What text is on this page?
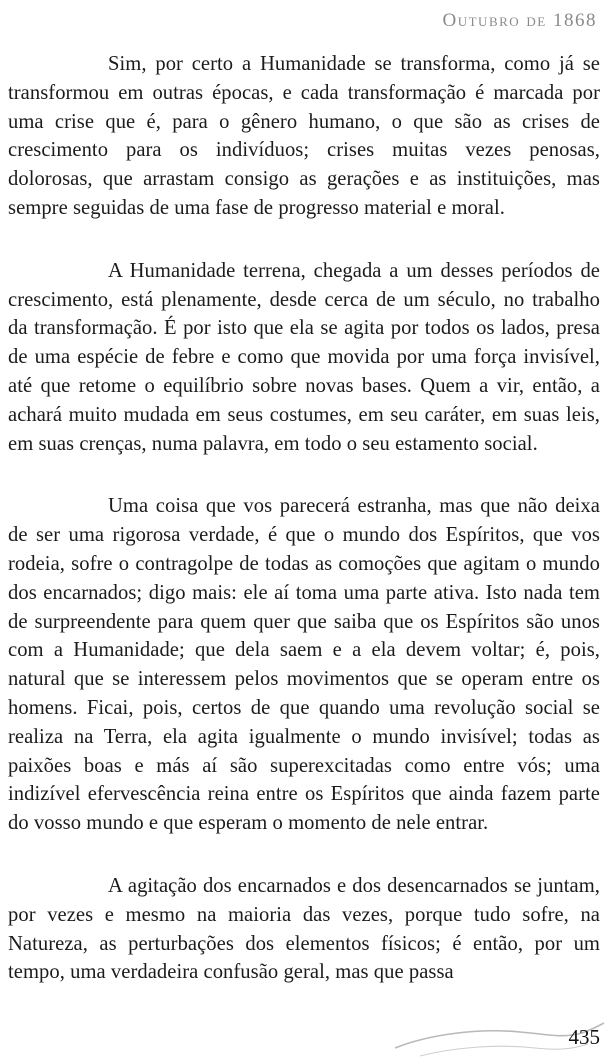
Outubro de 1868

Sim, por certo a Humanidade se transforma, como já se transformou em outras épocas, e cada transformação é marcada por uma crise que é, para o gênero humano, o que são as crises de crescimento para os indivíduos; crises muitas vezes penosas, dolorosas, que arrastam consigo as gerações e as instituições, mas sempre seguidas de uma fase de progresso material e moral.

A Humanidade terrena, chegada a um desses períodos de crescimento, está plenamente, desde cerca de um século, no trabalho da transformação. É por isto que ela se agita por todos os lados, presa de uma espécie de febre e como que movida por uma força invisível, até que retome o equilíbrio sobre novas bases. Quem a vir, então, a achará muito mudada em seus costumes, em seu caráter, em suas leis, em suas crenças, numa palavra, em todo o seu estamento social.

Uma coisa que vos parecerá estranha, mas que não deixa de ser uma rigorosa verdade, é que o mundo dos Espíritos, que vos rodeia, sofre o contragolpe de todas as comoções que agitam o mundo dos encarnados; digo mais: ele aí toma uma parte ativa. Isto nada tem de surpreendente para quem quer que saiba que os Espíritos são unos com a Humanidade; que dela saem e a ela devem voltar; é, pois, natural que se interessem pelos movimentos que se operam entre os homens. Ficai, pois, certos de que quando uma revolução social se realiza na Terra, ela agita igualmente o mundo invisível; todas as paixões boas e más aí são superexcitadas como entre vós; uma indizível efervescência reina entre os Espíritos que ainda fazem parte do vosso mundo e que esperam o momento de nele entrar.

A agitação dos encarnados e dos desencarnados se juntam, por vezes e mesmo na maioria das vezes, porque tudo sofre, na Natureza, as perturbações dos elementos físicos; é então, por um tempo, uma verdadeira confusão geral, mas que passa

435
